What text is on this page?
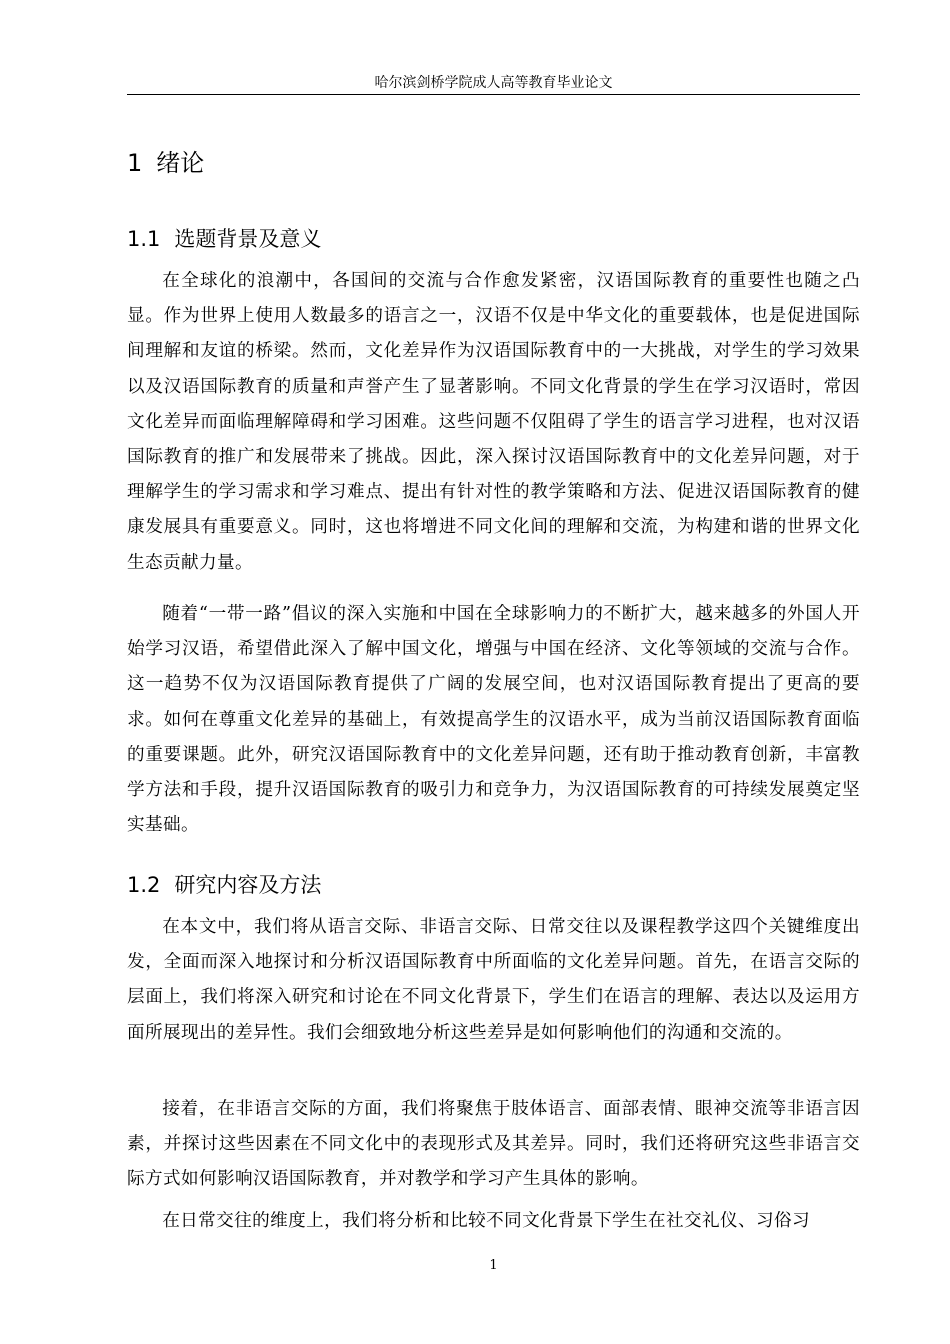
哈尔滨剑桥学院成人高等教育毕业论文
1 绪论
1.1 选题背景及意义

在全球化的浪潮中，各国间的交流与合作愈发紧密，汉语国际教育的重要性也随之凸显。作为世界上使用人数最多的语言之一，汉语不仅是中华文化的重要载体，也是促进国际间理解和友谊的桥梁。然而，文化差异作为汉语国际教育中的一大挑战，对学生的学习效果以及汉语国际教育的质量和声誉产生了显著影响。不同文化背景的学生在学习汉语时，常因文化差异而面临理解障碍和学习困难。这些问题不仅阻碍了学生的语言学习进程，也对汉语国际教育的推广和发展带来了挑战。因此，深入探讨汉语国际教育中的文化差异问题，对于理解学生的学习需求和学习难点、提出有针对性的教学策略和方法、促进汉语国际教育的健康发展具有重要意义。同时，这也将增进不同文化间的理解和交流，为构建和谐的世界文化生态贡献力量。

随着“一带一路”倡议的深入实施和中国在全球影响力的不断扩大，越来越多的外国人开始学习汉语，希望借此深入了解中国文化，增强与中国在经济、文化等领域的交流与合作。这一趋势不仅为汉语国际教育提供了广阔的发展空间，也对汉语国际教育提出了更高的要求。如何在尊重文化差异的基础上，有效提高学生的汉语水平，成为当前汉语国际教育面临的重要课题。此外，研究汉语国际教育中的文化差异问题，还有助于推动教育创新，丰富教学方法和手段，提升汉语国际教育的吸引力和竞争力，为汉语国际教育的可持续发展奠定坚实基础。

1.2 研究内容及方法

在本文中，我们将从语言交际、非语言交际、日常交往以及课程教学这四个关键维度出发，全面而深入地探讨和分析汉语国际教育中所面临的文化差异问题。首先，在语言交际的层面上，我们将深入研究和讨论在不同文化背景下，学生们在语言的理解、表达以及运用方面所展现出的差异性。我们会细致地分析这些差异是如何影响他们的沟通和交流的。

接着，在非语言交际的方面，我们将聚焦于肢体语言、面部表情、眼神交流等非语言因素，并探讨这些因素在不同文化中的表现形式及其差异。同时，我们还将研究这些非语言交际方式如何影响汉语国际教育，并对教学和学习产生具体的影响。

在日常交往的维度上，我们将分析和比较不同文化背景下学生在社交礼仪、习俗习

1
